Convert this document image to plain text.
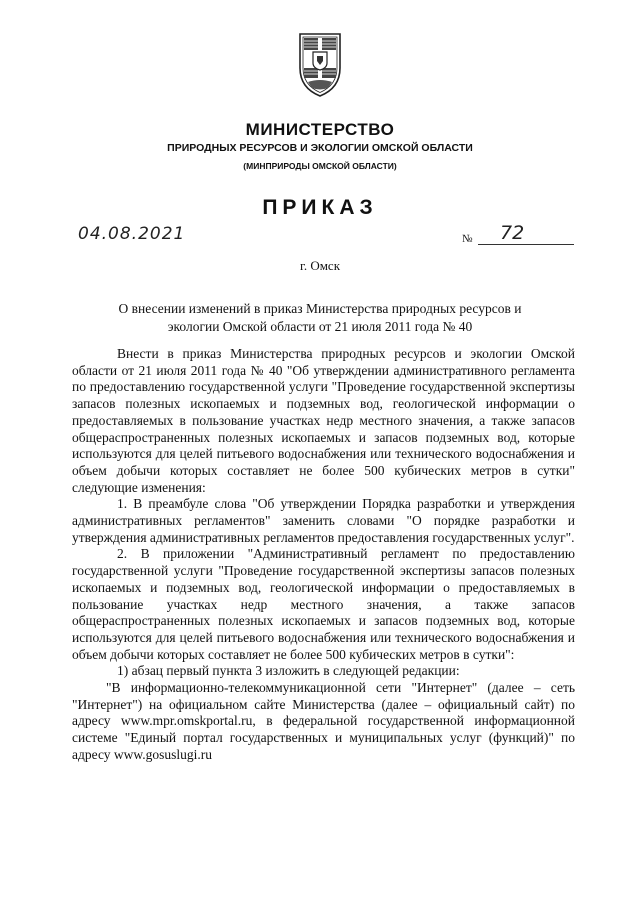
МИНИСТЕРСТВО
ПРИРОДНЫХ РЕСУРСОВ И ЭКОЛОГИИ ОМСКОЙ ОБЛАСТИ
(МИНПРИРОДЫ ОМСКОЙ ОБЛАСТИ)
ПРИКАЗ
04.08.2021	№ 72
г. Омск
О внесении изменений в приказ Министерства природных ресурсов и
экологии Омской области от 21 июля 2011 года № 40

Внести в приказ Министерства природных ресурсов и экологии Омской области от 21 июля 2011 года № 40 "Об утверждении административного регламента по предоставлению государственной услуги "Проведение государственной экспертизы запасов полезных ископаемых и подземных вод, геологической информации о предоставляемых в пользование участках недр местного значения, а также запасов общераспространенных полезных ископаемых и запасов подземных вод, которые используются для целей питьевого водоснабжения или технического водоснабжения и объем добычи которых составляет не более 500 кубических метров в сутки" следующие изменения:

1. В преамбуле слова "Об утверждении Порядка разработки и утверждения административных регламентов" заменить словами "О порядке разработки и утверждения административных регламентов предоставления государственных услуг".

2. В приложении "Административный регламент по предоставлению государственной услуги "Проведение государственной экспертизы запасов полезных ископаемых и подземных вод, геологической информации о предоставляемых в пользование участках недр местного значения, а также запасов общераспространенных полезных ископаемых и запасов подземных вод, которые используются для целей питьевого водоснабжения или технического водоснабжения и объем добычи которых составляет не более 500 кубических метров в сутки":

1) абзац первый пункта 3 изложить в следующей редакции:

"В информационно-телекоммуникационной сети "Интернет" (далее – сеть "Интернет") на официальном сайте Министерства (далее – официальный сайт) по адресу www.mpr.omskportal.ru, в федеральной государственной информационной системе "Единый портал государственных и муниципальных услуг (функций)" по адресу www.gosuslugi.ru
